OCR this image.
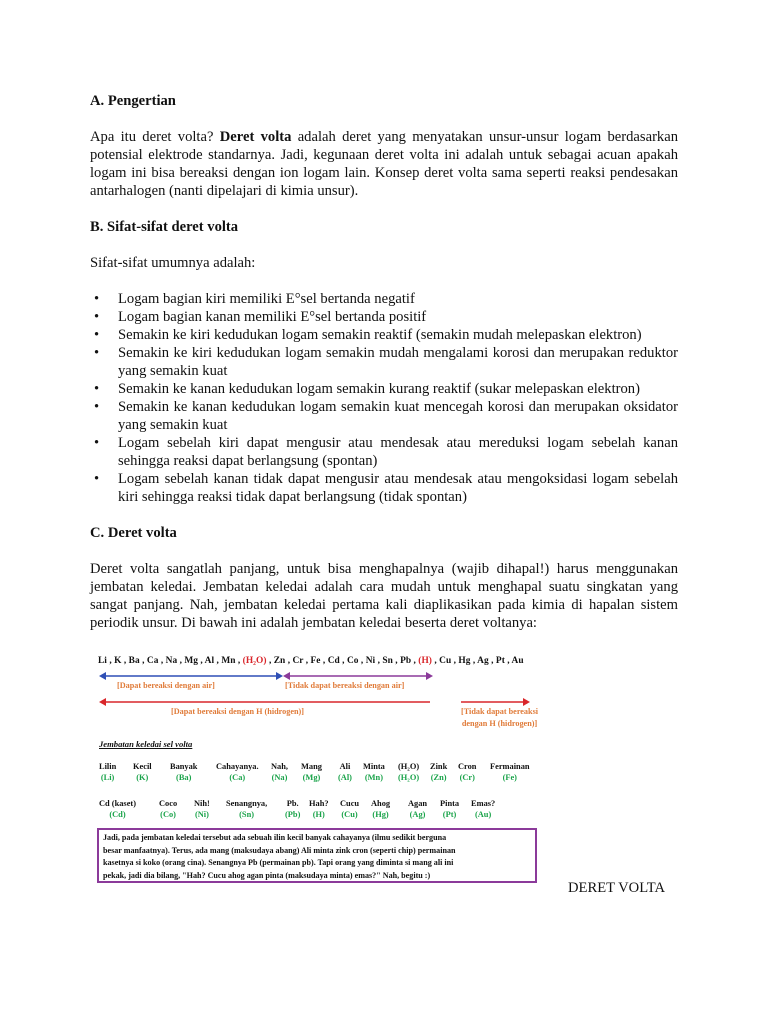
A. Pengertian

Apa itu deret volta? Deret volta adalah deret yang menyatakan unsur-unsur logam berdasarkan potensial elektrode standarnya. Jadi, kegunaan deret volta ini adalah untuk sebagai acuan apakah logam ini bisa bereaksi dengan ion logam lain. Konsep deret volta sama seperti reaksi pendesakan antarhalogen (nanti dipelajari di kimia unsur).

B. Sifat-sifat deret volta

Sifat-sifat umumnya adalah:

• Logam bagian kiri memiliki E°sel bertanda negatif
• Logam bagian kanan memiliki E°sel bertanda positif
• Semakin ke kiri kedudukan logam semakin reaktif (semakin mudah melepaskan elektron)
• Semakin ke kiri kedudukan logam semakin mudah mengalami korosi dan merupakan reduktor yang semakin kuat
• Semakin ke kanan kedudukan logam semakin kurang reaktif (sukar melepaskan elektron)
• Semakin ke kanan kedudukan logam semakin kuat mencegah korosi dan merupakan oksidator yang semakin kuat
• Logam sebelah kiri dapat mengusir atau mendesak atau mereduksi logam sebelah kanan sehingga reaksi dapat berlangsung (spontan)
• Logam sebelah kanan tidak dapat mengusir atau mendesak atau mengoksidasi logam sebelah kiri sehingga reaksi tidak dapat berlangsung (tidak spontan)
C. Deret volta

Deret volta sangatlah panjang, untuk bisa menghapalnya (wajib dihapal!) harus menggunakan jembatan keledai. Jembatan keledai adalah cara mudah untuk menghapal suatu singkatan yang sangat panjang. Nah, jembatan keledai pertama kali diaplikasikan pada kimia di hapalan sistem periodik unsur. Di bawah ini adalah jembatan keledai beserta deret voltanya:

Li , K , Ba , Ca , Na , Mg , Al , Mn , (H₂O) , Zn , Cr , Fe , Cd , Co , Ni , Sn , Pb , (H) , Cu , Hg , Ag , Pt , Au
[Dapat bereaksi dengan air]	[Tidak dapat bereaksi dengan air]
[Dapat bereaksi dengan H (hidrogen)]	[Tidak dapat bereaksi
dengan H (hidrogen)]
Jembatan keledai sel volta
Lilin
(Li)
Kecil
(K)
Banyak
(Ba)
Cahayanya.
(Ca)
Nah,
(Na)
Mang
(Mg)
Ali
(Al)
Minta
(Mn)
(H₂O)
(H₂O)
Zink
(Zn)
Cron
(Cr)
Fermainan
(Fe)
Cd (kaset)
(Cd)
Coco
(Co)
Nih!
(Ni)
Senangnya,
(Sn)
Pb.
(Pb)
Hah?
(H)
Cucu
(Cu)
Ahog
(Hg)
Agan
(Ag)
Pinta
(Pt)
Emas?
(Au)
Jadi, pada jembatan keledai tersebut ada sebuah ilin kecil banyak cahayanya (ilmu sedikit berguna
besar manfaatnya). Terus, ada mang (maksudaya abang) Ali minta zink cron (seperti chip) permainan
kasetnya si koko (orang cina). Senangnya Pb (permainan pb). Tapi orang yang diminta si mang ali ini
pekak, jadi dia bilang, "Hah? Cucu ahog agan pinta (maksudaya minta) emas?" Nah, begitu :)
DERET VOLTA
